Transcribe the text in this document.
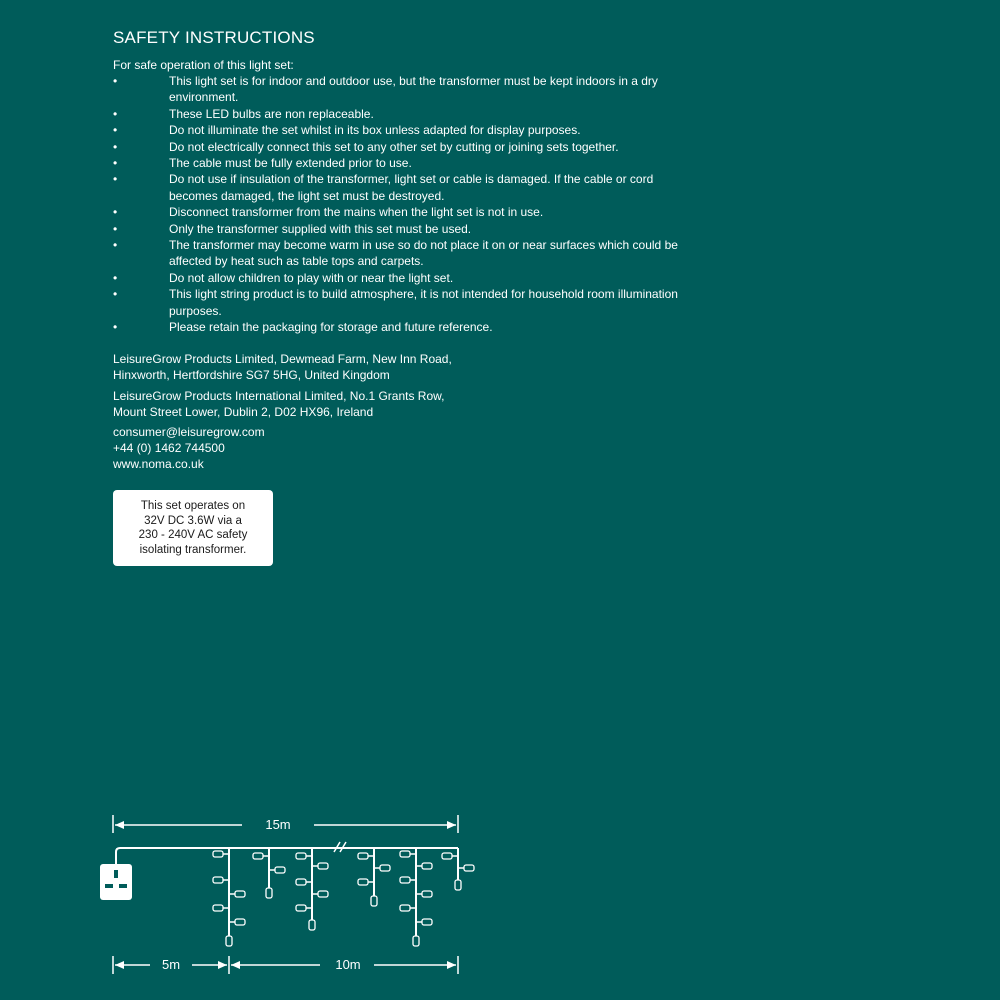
SAFETY INSTRUCTIONS
For safe operation of this light set:
• This light set is for indoor and outdoor use, but the transformer must be kept indoors in a dry environment.
• These LED bulbs are non replaceable.
• Do not illuminate the set whilst in its box unless adapted for display purposes.
• Do not electrically connect this set to any other set by cutting or joining sets together.
• The cable must be fully extended prior to use.
• Do not use if insulation of the transformer, light set or cable is damaged. If the cable or cord becomes damaged, the light set must be destroyed.
• Disconnect transformer from the mains when the light set is not in use.
• Only the transformer supplied with this set must be used.
• The transformer may become warm in use so do not place it on or near surfaces which could be affected by heat such as table tops and carpets.
• Do not allow children to play with or near the light set.
• This light string product is to build atmosphere, it is not intended for household room illumination purposes.
• Please retain the packaging for storage and future reference.
LeisureGrow Products Limited, Dewmead Farm, New Inn Road,
Hinxworth, Hertfordshire SG7 5HG, United Kingdom
LeisureGrow Products International Limited, No.1 Grants Row,
Mount Street Lower, Dublin 2, D02 HX96, Ireland
consumer@leisuregrow.com
+44 (0) 1462 744500
www.noma.co.uk
This set operates on
32V DC 3.6W via a
230 - 240V AC safety
isolating transformer.
15m
5m	10m
